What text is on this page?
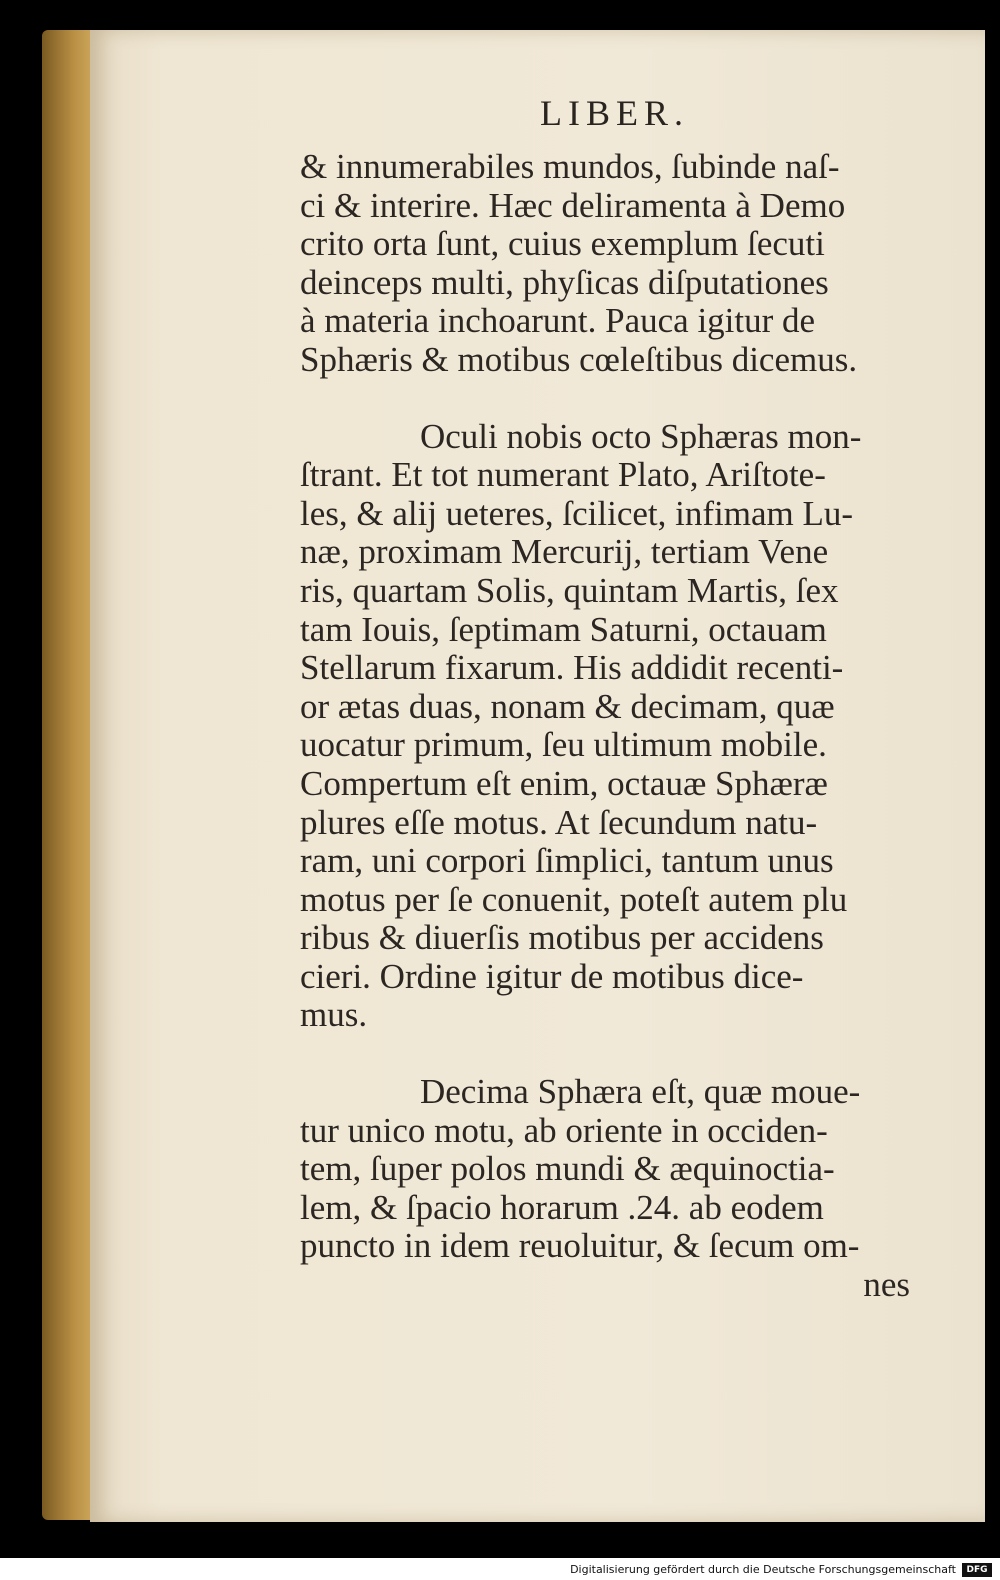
LIBER.
& innumerabiles mundos, ſubinde naſ-
ci & interire. Hæc deliramenta à Demo
crito orta ſunt, cuius exemplum ſecuti
deinceps multi, phyſicas diſputationes
à materia inchoarunt. Pauca igitur de
Sphæris & motibus cœleſtibus dicemus.
Oculi nobis octo Sphæras mon-
ſtrant. Et tot numerant Plato, Ariſtote-
les, & alij ueteres, ſcilicet, infimam Lu-
næ, proximam Mercurij, tertiam Vene
ris, quartam Solis, quintam Martis, ſex
tam Iouis, ſeptimam Saturni, octauam
Stellarum fixarum. His addidit recenti-
or ætas duas, nonam & decimam, quæ
uocatur primum, ſeu ultimum mobile.
Compertum eſt enim, octauæ Sphæræ
plures eſſe motus. At ſecundum natu-
ram, uni corpori ſimplici, tantum unus
motus per ſe conuenit, poteſt autem plu
ribus & diuerſis motibus per accidens
cieri. Ordine igitur de motibus dice-
mus.
Decima Sphæra eſt, quæ moue-
tur unico motu, ab oriente in occiden-
tem, ſuper polos mundi & æquinoctia-
lem, & ſpacio horarum .24. ab eodem
puncto in idem reuoluitur, & ſecum om-
nes
Digitalisierung gefördert durch die Deutsche Forschungsgemeinschaft	DFG
